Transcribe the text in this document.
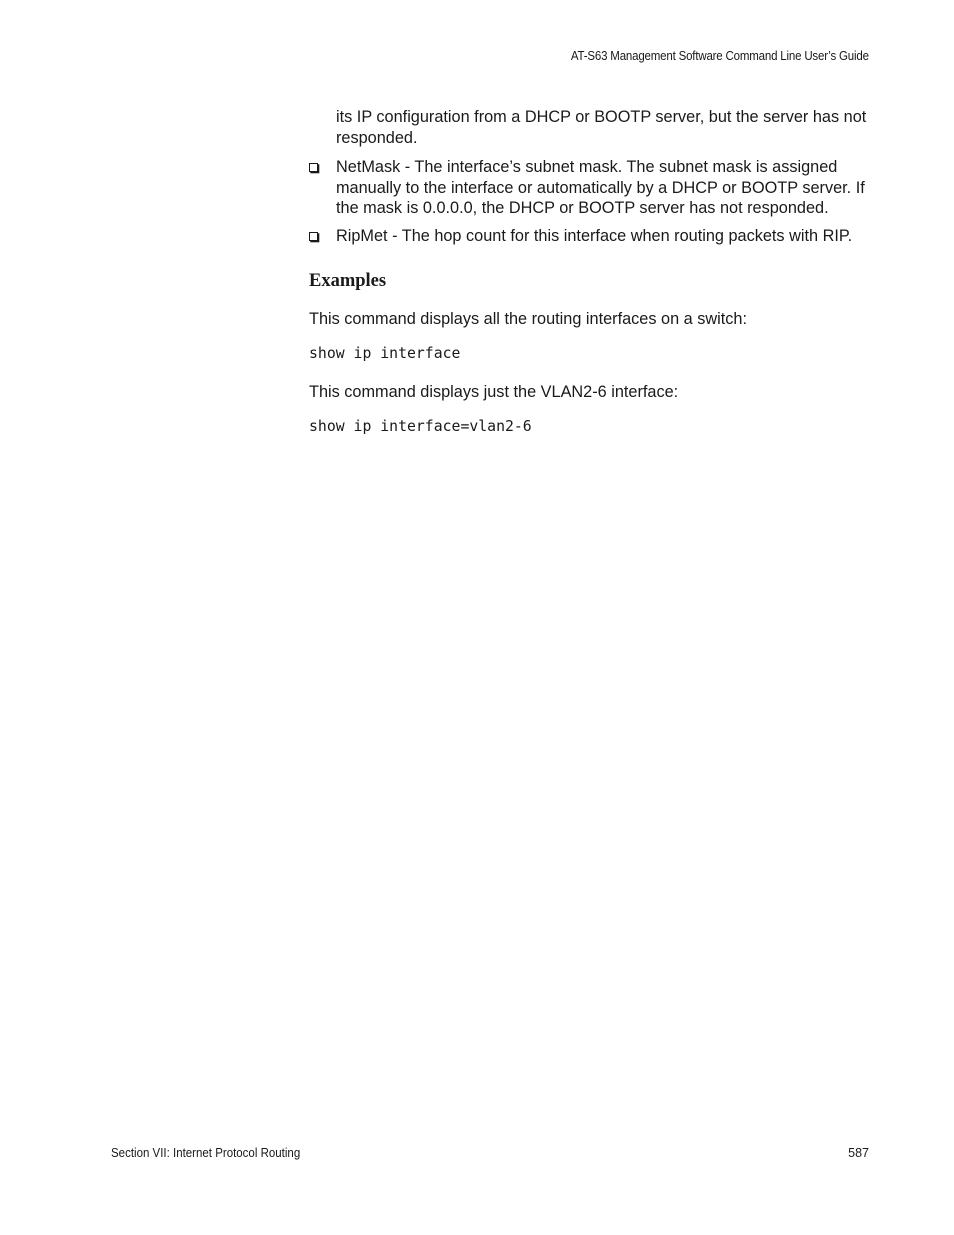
AT-S63 Management Software Command Line User’s Guide

its IP configuration from a DHCP or BOOTP server, but the server has not responded.

NetMask - The interface’s subnet mask. The subnet mask is assigned manually to the interface or automatically by a DHCP or BOOTP server. If the mask is 0.0.0.0, the DHCP or BOOTP server has not responded.
RipMet - The hop count for this interface when routing packets with RIP.
Examples

This command displays all the routing interfaces on a switch:

show ip interface

This command displays just the VLAN2-6 interface:

show ip interface=vlan2-6
Section VII: Internet Protocol Routing	587
